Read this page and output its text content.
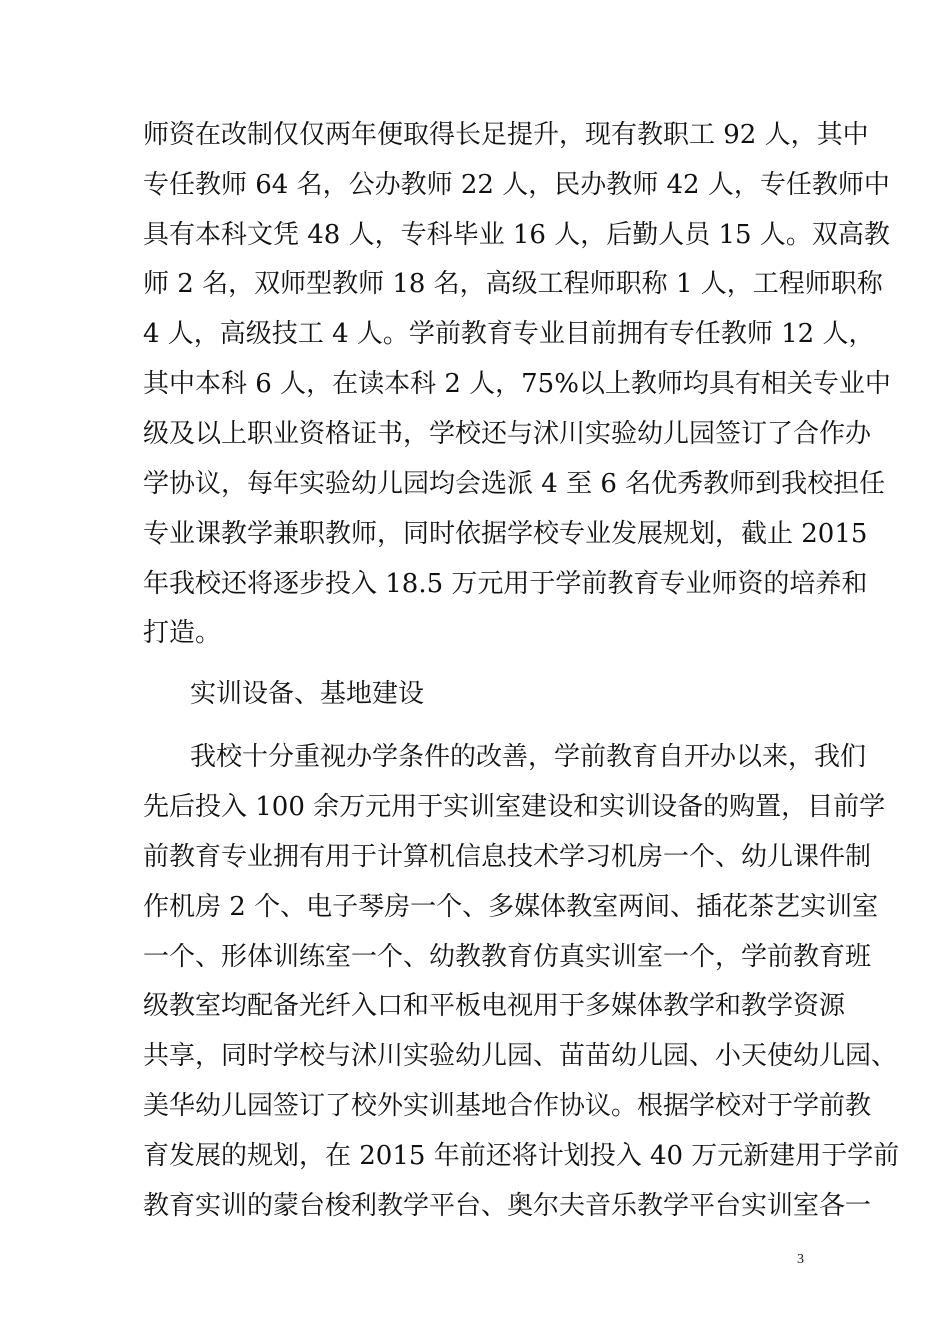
师资在改制仅仅两年便取得长足提升，现有教职工 92 人，其中
专任教师 64 名，公办教师 22 人，民办教师 42 人，专任教师中
具有本科文凭 48 人，专科毕业 16 人，后勤人员 15 人。双高教
师 2 名，双师型教师 18 名，高级工程师职称 1 人，工程师职称
4 人，高级技工 4 人。学前教育专业目前拥有专任教师 12 人，
其中本科 6 人，在读本科 2 人，75%以上教师均具有相关专业中
级及以上职业资格证书，学校还与沭川实验幼儿园签订了合作办
学协议，每年实验幼儿园均会选派 4 至 6 名优秀教师到我校担任
专业课教学兼职教师，同时依据学校专业发展规划，截止 2015
年我校还将逐步投入 18.5 万元用于学前教育专业师资的培养和
打造。
实训设备、基地建设
我校十分重视办学条件的改善，学前教育自开办以来，我们
先后投入 100 余万元用于实训室建设和实训设备的购置，目前学
前教育专业拥有用于计算机信息技术学习机房一个、幼儿课件制
作机房 2 个、电子琴房一个、多媒体教室两间、插花茶艺实训室
一个、形体训练室一个、幼教教育仿真实训室一个，学前教育班
级教室均配备光纤入口和平板电视用于多媒体教学和教学资源
共享，同时学校与沭川实验幼儿园、苗苗幼儿园、小天使幼儿园、
美华幼儿园签订了校外实训基地合作协议。根据学校对于学前教
育发展的规划，在 2015 年前还将计划投入 40 万元新建用于学前
教育实训的蒙台梭利教学平台、奥尔夫音乐教学平台实训室各一
3
